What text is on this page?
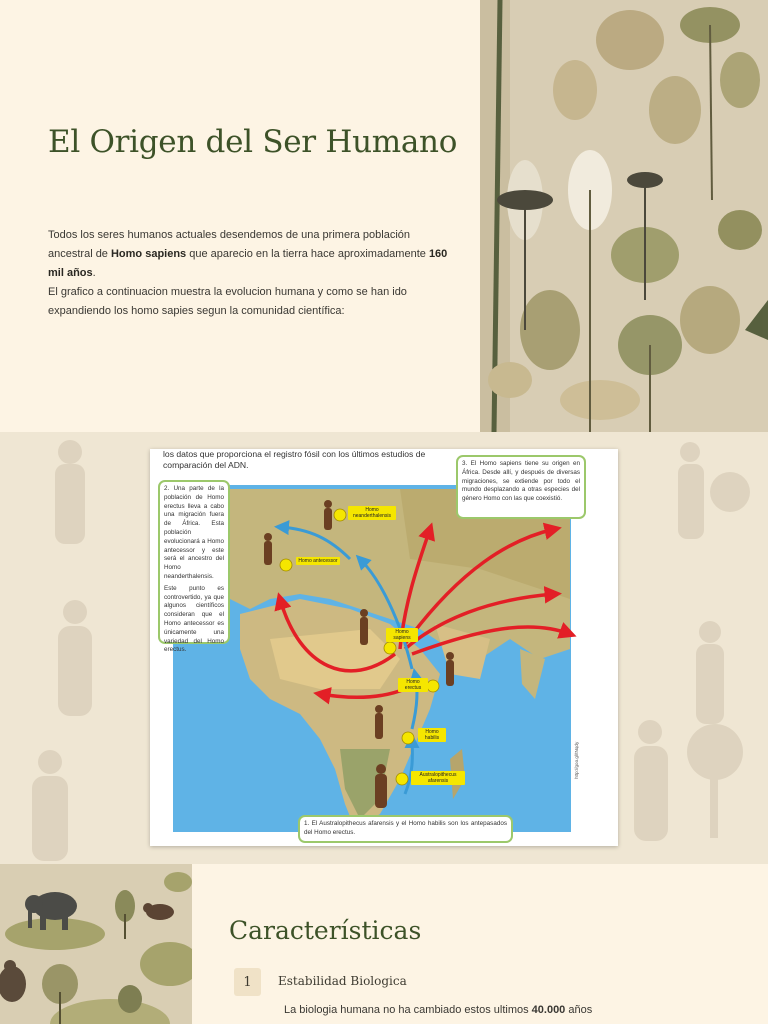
El Origen del Ser Humano
Todos los seres humanos actuales desendemos de una primera población ancestral de Homo sapiens que aparecio en la tierra hace aproximadamente 160 mil años.
El grafico a continuacion muestra la evolucion humana y como se han ido expandiendo los homo sapies segun la comunidad científica:
los datos que proporciona el registro fósil con los últimos estudios de comparación del ADN.

2. Una parte de la población de Homo erectus lleva a cabo una migración fuera de África. Esta población evolucionará a Homo antecessor y este será el ancestro del Homo neanderthalensis.

Este punto es controvertido, ya que algunos científicos consideran que el Homo antecessor es únicamente una variedad del Homo erectus.

3. El Homo sapiens tiene su origen en África. Desde allí, y después de diversas migraciones, se extiende por todo el mundo desplazando a otras especies del género Homo con las que coexistió.
1. El Australopithecus afarensis y el Homo habilis son los antepasados del Homo erectus.
Homo neanderthalensis
Homo antecessor
Homo sapiens
Homo erectus
Homo habilis
Australopithecus afarensis
http://goo.gl/tNqdy
Características
1	Estabilidad Biologica
La biologia humana no ha cambiado estos ultimos 40.000 años
